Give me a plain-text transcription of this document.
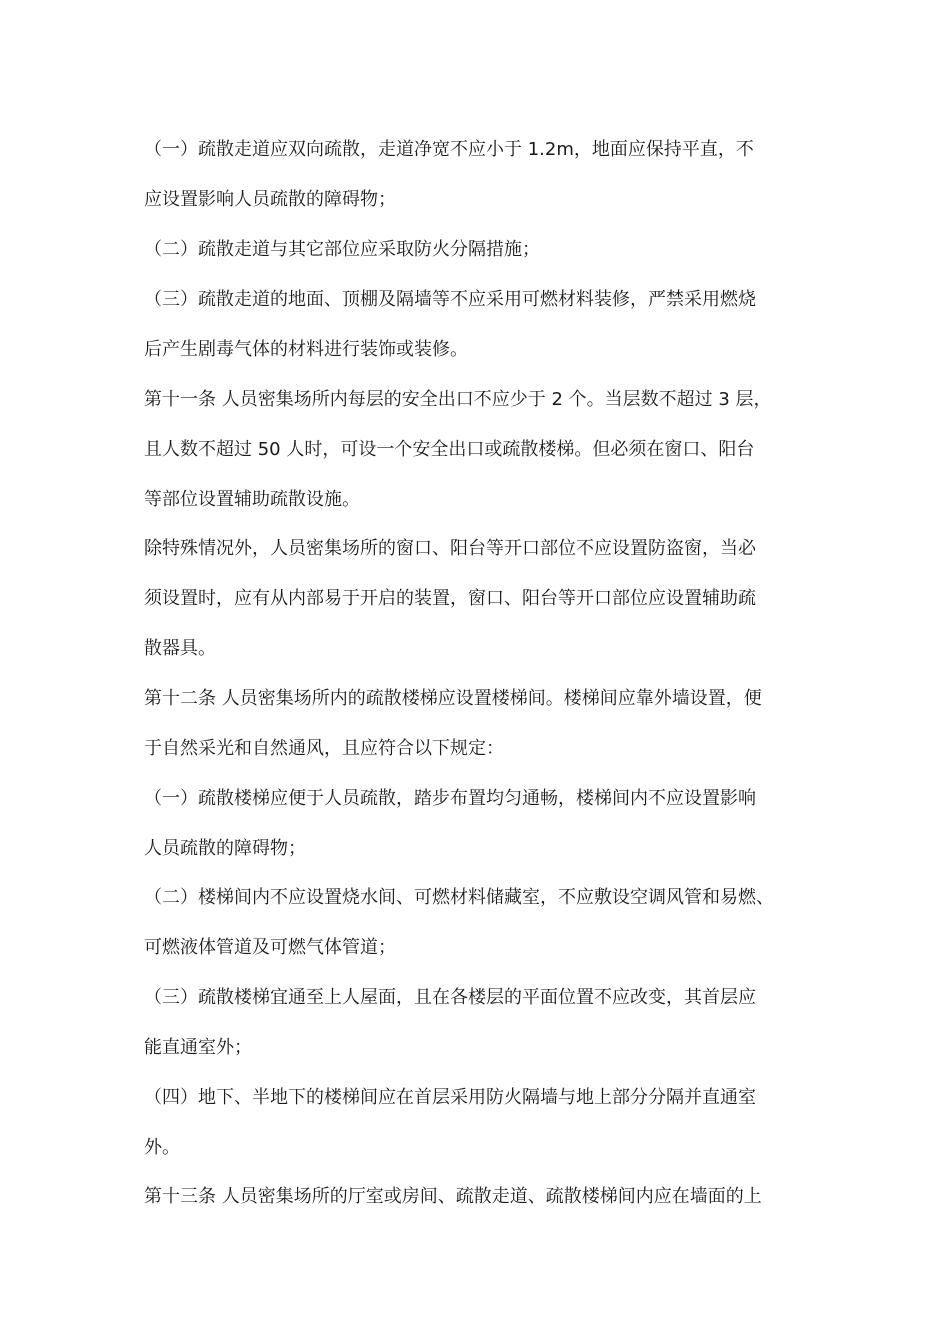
（一）疏散走道应双向疏散，走道净宽不应小于 1.2m，地面应保持平直，不
应设置影响人员疏散的障碍物；
（二）疏散走道与其它部位应采取防火分隔措施；
（三）疏散走道的地面、顶棚及隔墙等不应采用可燃材料装修，严禁采用燃烧
后产生剧毒气体的材料进行装饰或装修。
第十一条 人员密集场所内每层的安全出口不应少于 2 个。当层数不超过 3 层，
且人数不超过 50 人时，可设一个安全出口或疏散楼梯。但必须在窗口、阳台
等部位设置辅助疏散设施。
除特殊情况外，人员密集场所的窗口、阳台等开口部位不应设置防盗窗，当必
须设置时，应有从内部易于开启的装置，窗口、阳台等开口部位应设置辅助疏
散器具。
第十二条 人员密集场所内的疏散楼梯应设置楼梯间。楼梯间应靠外墙设置，便
于自然采光和自然通风，且应符合以下规定：
（一）疏散楼梯应便于人员疏散，踏步布置均匀通畅，楼梯间内不应设置影响
人员疏散的障碍物；
（二）楼梯间内不应设置烧水间、可燃材料储藏室，不应敷设空调风管和易燃、
可燃液体管道及可燃气体管道；
（三）疏散楼梯宜通至上人屋面，且在各楼层的平面位置不应改变，其首层应
能直通室外；
（四）地下、半地下的楼梯间应在首层采用防火隔墙与地上部分分隔并直通室
外。
第十三条 人员密集场所的厅室或房间、疏散走道、疏散楼梯间内应在墙面的上
